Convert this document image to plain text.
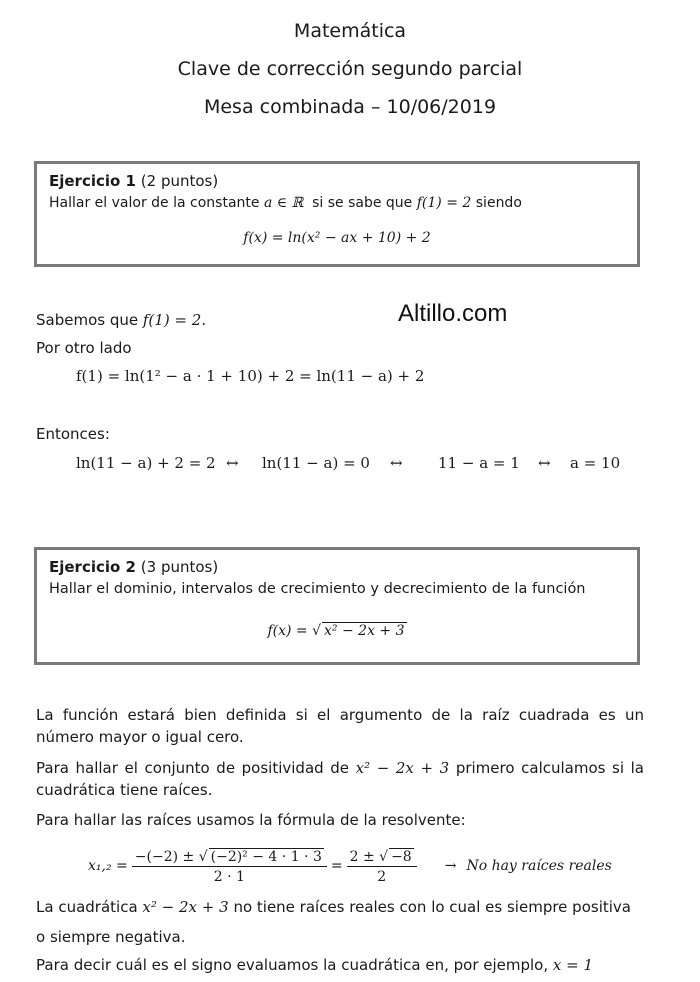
Matemática
Clave de corrección segundo parcial
Mesa combinada – 10/06/2019
Ejercicio 1 (2 puntos)
Hallar el valor de la constante a ∈ ℝ si se sabe que f(1) = 2 siendo
f(x) = ln(x² − ax + 10) + 2
Altillo.com
Sabemos que f(1) = 2.
Por otro lado
f(1) = ln(1² − a · 1 + 10) + 2 = ln(11 − a) + 2
Entonces:
ln(11 − a) + 2 = 2 ↔ ln(11 − a) = 0 ↔ 11 − a = 1 ↔ a = 10
Ejercicio 2 (3 puntos)
Hallar el dominio, intervalos de crecimiento y decrecimiento de la función
f(x) = √ x² − 2x + 3
La función estará bien definida si el argumento de la raíz cuadrada es un número mayor o igual cero.
Para hallar el conjunto de positividad de x² − 2x + 3 primero calculamos si la cuadrática tiene raíces.
Para hallar las raíces usamos la fórmula de la resolvente:
$x_1,_2 = \frac{\text{−(−2) ± √ (−2)² − 4 · 1 · 3}}{2 \cdot 1} = \frac{2 \pm √ -8}{2} \to No$ hay raíces reales
La cuadrática x² − 2x + 3 no tiene raíces reales con lo cual es siempre positiva
o siempre negativa.
Para decir cuál es el signo evaluamos la cuadrática en, por ejemplo, x = 1
